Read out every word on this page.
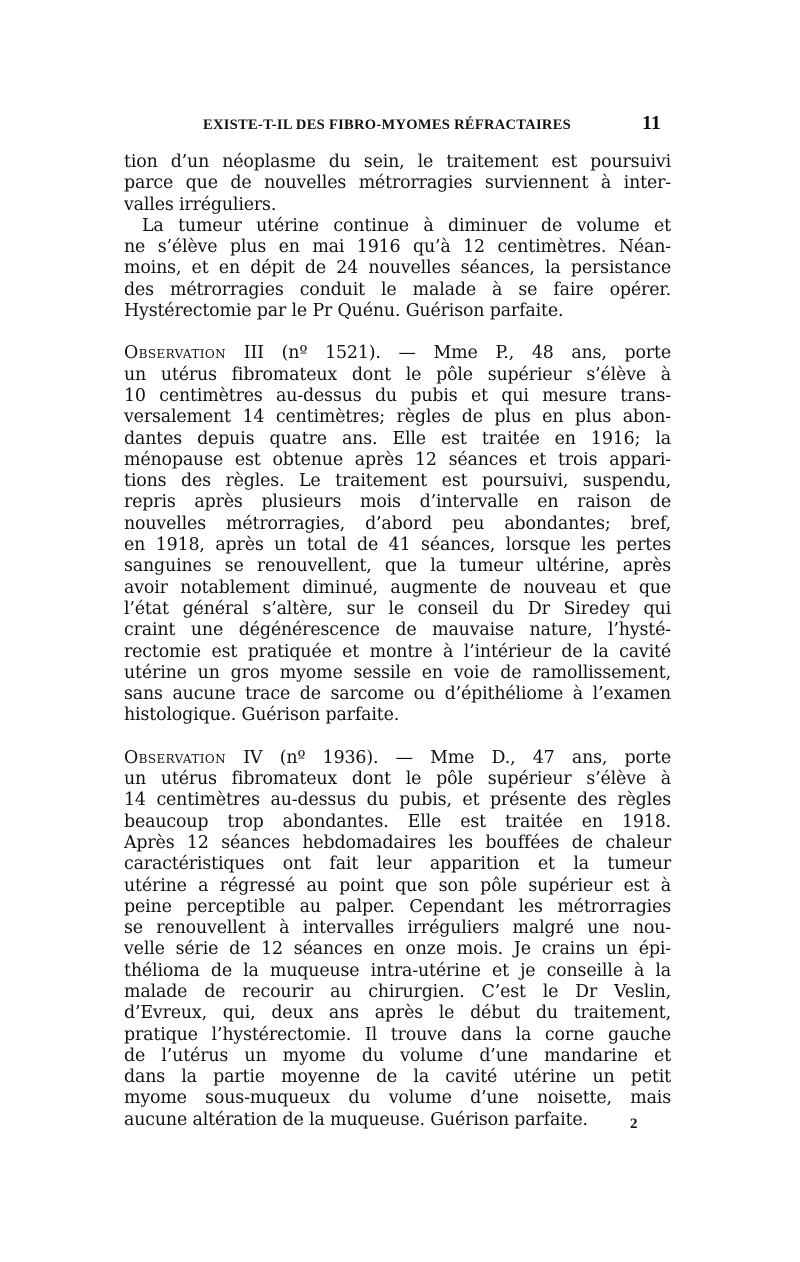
EXISTE-T-IL DES FIBRO-MYOMES RÉFRACTAIRES	11
tion d’un néoplasme du sein, le traitement est poursuivi
parce que de nouvelles métrorragies surviennent à inter-
valles irréguliers.
La tumeur utérine continue à diminuer de volume et
ne s’élève plus en mai 1916 qu’à 12 centimètres. Néan-
moins, et en dépit de 24 nouvelles séances, la persistance
des métrorragies conduit le malade à se faire opérer.
Hystérectomie par le Pr Quénu. Guérison parfaite.
Observation III (nº 1521). — Mme P., 48 ans, porte
un utérus fibromateux dont le pôle supérieur s’élève à
10 centimètres au-dessus du pubis et qui mesure trans-
versalement 14 centimètres; règles de plus en plus abon-
dantes depuis quatre ans. Elle est traitée en 1916; la
ménopause est obtenue après 12 séances et trois appari-
tions des règles. Le traitement est poursuivi, suspendu,
repris après plusieurs mois d’intervalle en raison de
nouvelles métrorragies, d’abord peu abondantes; bref,
en 1918, après un total de 41 séances, lorsque les pertes
sanguines se renouvellent, que la tumeur ultérine, après
avoir notablement diminué, augmente de nouveau et que
l’état général s’altère, sur le conseil du Dr Siredey qui
craint une dégénérescence de mauvaise nature, l’hysté-
rectomie est pratiquée et montre à l’intérieur de la cavité
utérine un gros myome sessile en voie de ramollissement,
sans aucune trace de sarcome ou d’épithéliome à l’examen
histologique. Guérison parfaite.
Observation IV (nº 1936). — Mme D., 47 ans, porte
un utérus fibromateux dont le pôle supérieur s’élève à
14 centimètres au-dessus du pubis, et présente des règles
beaucoup trop abondantes. Elle est traitée en 1918.
Après 12 séances hebdomadaires les bouffées de chaleur
caractéristiques ont fait leur apparition et la tumeur
utérine a régressé au point que son pôle supérieur est à
peine perceptible au palper. Cependant les métrorragies
se renouvellent à intervalles irréguliers malgré une nou-
velle série de 12 séances en onze mois. Je crains un épi-
thélioma de la muqueuse intra-utérine et je conseille à la
malade de recourir au chirurgien. C’est le Dr Veslin,
d’Evreux, qui, deux ans après le début du traitement,
pratique l’hystérectomie. Il trouve dans la corne gauche
de l’utérus un myome du volume d’une mandarine et
dans la partie moyenne de la cavité utérine un petit
myome sous-muqueux du volume d’une noisette, mais
aucune altération de la muqueuse. Guérison parfaite.	2
